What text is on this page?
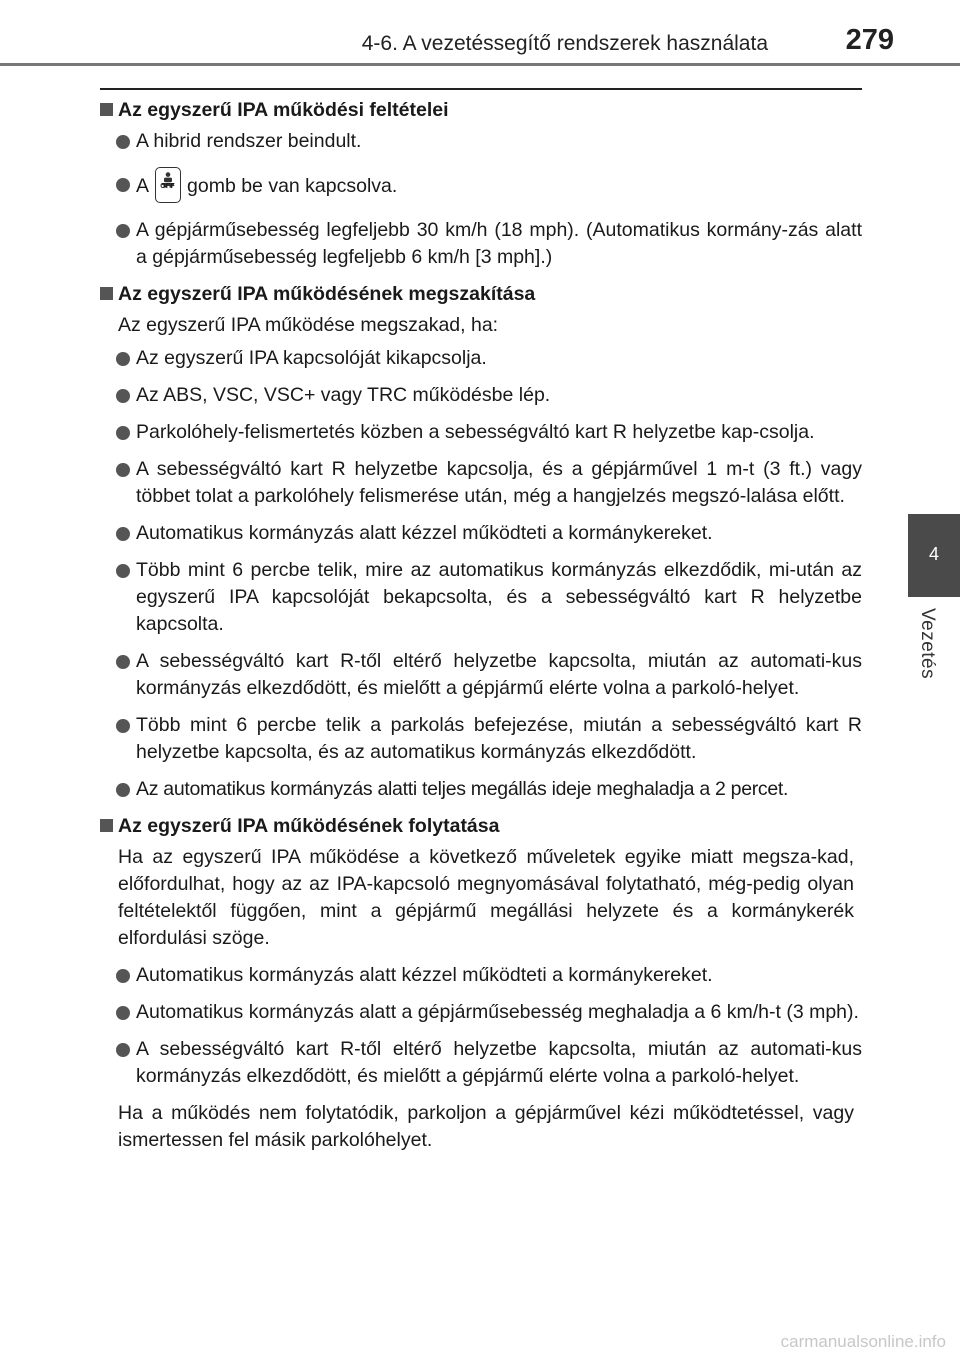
4-6. A vezetéssegítő rendszerek használata	279
4
Vezetés
Az egyszerű IPA működési feltételei
A hibrid rendszer beindult.
A	OFF gomb be van kapcsolva.
A gépjárműsebesség legfeljebb 30 km/h (18 mph). (Automatikus kormány-zás alatt a gépjárműsebesség legfeljebb 6 km/h [3 mph].)
Az egyszerű IPA működésének megszakítása
Az egyszerű IPA működése megszakad, ha:
Az egyszerű IPA kapcsolóját kikapcsolja.
Az ABS, VSC, VSC+ vagy TRC működésbe lép.
Parkolóhely-felismertetés közben a sebességváltó kart R helyzetbe kap-csolja.
A sebességváltó kart R helyzetbe kapcsolja, és a gépjárművel 1 m-t (3 ft.) vagy többet tolat a parkolóhely felismerése után, még a hangjelzés megszó-lalása előtt.
Automatikus kormányzás alatt kézzel működteti a kormánykereket.
Több mint 6 percbe telik, mire az automatikus kormányzás elkezdődik, mi-után az egyszerű IPA kapcsolóját bekapcsolta, és a sebességváltó kart R helyzetbe kapcsolta.
A sebességváltó kart R-től eltérő helyzetbe kapcsolta, miután az automati-kus kormányzás elkezdődött, és mielőtt a gépjármű elérte volna a parkoló-helyet.
Több mint 6 percbe telik a parkolás befejezése, miután a sebességváltó kart R helyzetbe kapcsolta, és az automatikus kormányzás elkezdődött.
Az automatikus kormányzás alatti teljes megállás ideje meghaladja a 2 percet.
Az egyszerű IPA működésének folytatása
Ha az egyszerű IPA működése a következő műveletek egyike miatt megsza-kad, előfordulhat, hogy az az IPA-kapcsoló megnyomásával folytatható, még-pedig olyan feltételektől függően, mint a gépjármű megállási helyzete és a kormánykerék elfordulási szöge.
Automatikus kormányzás alatt kézzel működteti a kormánykereket.
Automatikus kormányzás alatt a gépjárműsebesség meghaladja a 6 km/h-t (3 mph).
A sebességváltó kart R-től eltérő helyzetbe kapcsolta, miután az automati-kus kormányzás elkezdődött, és mielőtt a gépjármű elérte volna a parkoló-helyet.
Ha a működés nem folytatódik, parkoljon a gépjárművel kézi működtetéssel, vagy ismertessen fel másik parkolóhelyet.
carmanualsonline.info
